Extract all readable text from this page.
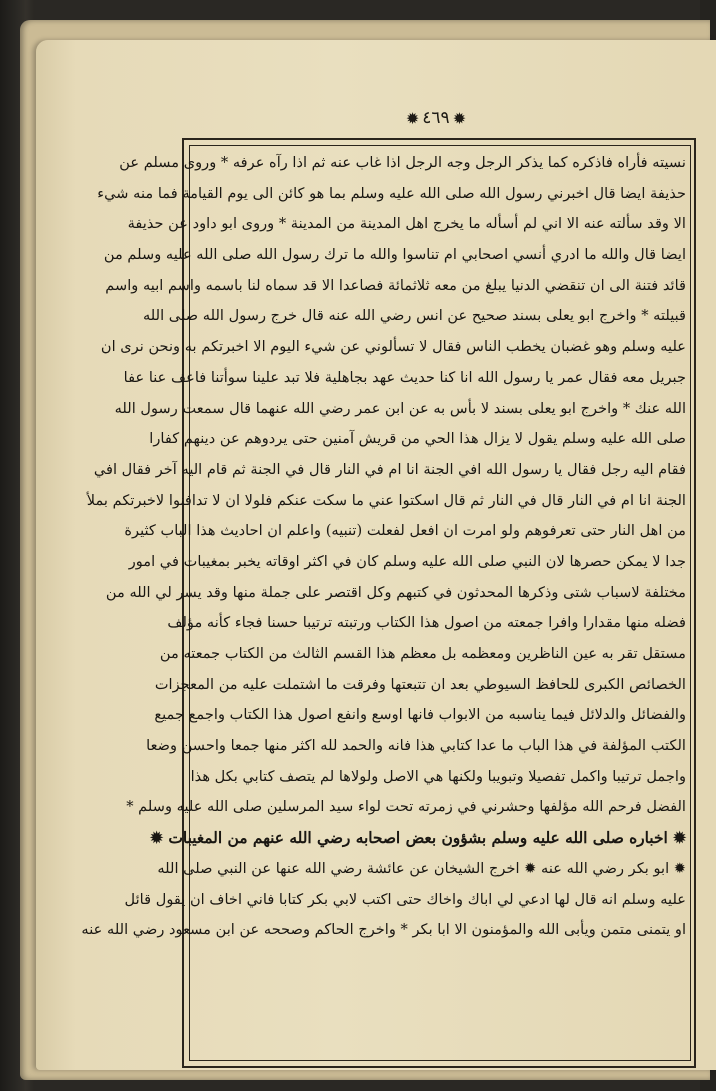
✹ ٤٦٩ ✹
نسيته فأراه فاذكره كما يذكر الرجل وجه الرجل اذا غاب عنه ثم اذا رآه عرفه * وروى مسلم عن
حذيفة ايضا قال اخبرني رسول الله صلى الله عليه وسلم بما هو كائن الى يوم القيامة فما منه شيء
الا وقد سألته عنه الا اني لم أسأله ما يخرج اهل المدينة من المدينة * وروى ابو داود عن حذيفة
ايضا قال والله ما ادري أنسي اصحابي ام تناسوا والله ما ترك رسول الله صلى الله عليه وسلم من
قائد فتنة الى ان تنقضي الدنيا يبلغ من معه ثلاثمائة فصاعدا الا قد سماه لنا باسمه واسم ابيه واسم
قبيلته * واخرج ابو يعلى بسند صحيح عن انس رضي الله عنه قال خرج رسول الله صلى الله
عليه وسلم وهو غضبان يخطب الناس فقال لا تسألوني عن شيء اليوم الا اخبرتكم به ونحن نرى ان
جبريل معه فقال عمر يا رسول الله انا كنا حديث عهد بجاهلية فلا تبد علينا سوأتنا فاعف عنا عفا
الله عنك * واخرج ابو يعلى بسند لا بأس به عن ابن عمر رضي الله عنهما قال سمعت رسول الله
صلى الله عليه وسلم يقول لا يزال هذا الحي من قريش آمنين حتى يردوهم عن دينهم كفارا
فقام اليه رجل فقال يا رسول الله افي الجنة انا ام في النار قال في الجنة ثم قام اليه آخر فقال افي
الجنة انا ام في النار قال في النار ثم قال اسكتوا عني ما سكت عنكم فلولا ان لا تدافنوا لاخبرتكم بملأ
من اهل النار حتى تعرفوهم ولو امرت ان افعل لفعلت (تنبيه) واعلم ان احاديث هذا الباب كثيرة
جدا لا يمكن حصرها لان النبي صلى الله عليه وسلم كان في اكثر اوقاته يخبر بمغيبات في امور
مختلفة لاسباب شتى وذكرها المحدثون في كتبهم وكل اقتصر على جملة منها وقد يسر لي الله من
فضله منها مقدارا وافرا جمعته من اصول هذا الكتاب ورتبته ترتيبا حسنا فجاء كأنه مؤلف
مستقل تقر به عين الناظرين ومعظمه بل معظم هذا القسم الثالث من الكتاب جمعته من
الخصائص الكبرى للحافظ السيوطي بعد ان تتبعتها وفرقت ما اشتملت عليه من المعجزات
والفضائل والدلائل فيما يناسبه من الابواب فانها اوسع وانفع اصول هذا الكتاب واجمع جميع
الكتب المؤلفة في هذا الباب ما عدا كتابي هذا فانه والحمد لله اكثر منها جمعا واحسن وضعا
واجمل ترتيبا واكمل تفصيلا وتبويبا ولكنها هي الاصل ولولاها لم يتصف كتابي بكل هذا
الفضل فرحم الله مؤلفها وحشرني في زمرته تحت لواء سيد المرسلين صلى الله عليه وسلم *
✹ اخباره صلى الله عليه وسلم بشؤون بعض اصحابه رضي الله عنهم من المغيبات ✹
✹ ابو بكر رضي الله عنه ✹ اخرج الشيخان عن عائشة رضي الله عنها عن النبي صلى الله
عليه وسلم انه قال لها ادعي لي اباك واخاك حتى اكتب لابي بكر كتابا فاني اخاف ان يقول قائل
او يتمنى متمن ويأبى الله والمؤمنون الا ابا بكر * واخرج الحاكم وصححه عن ابن مسعود رضي الله عنه
